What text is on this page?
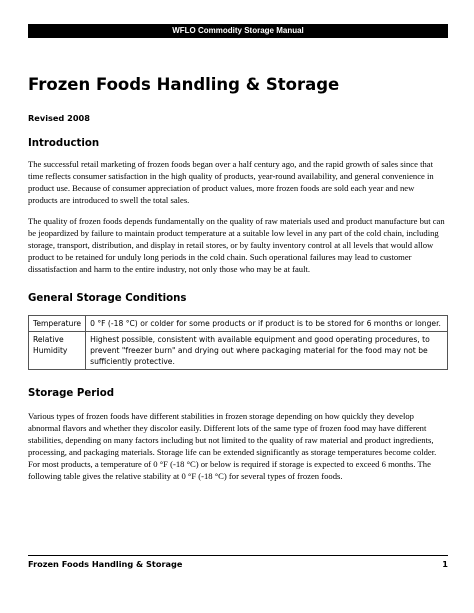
WFLO Commodity Storage Manual
Frozen Foods Handling & Storage
Revised 2008
Introduction
The successful retail marketing of frozen foods began over a half century ago, and the rapid growth of sales since that time reflects consumer satisfaction in the high quality of products, year-round availability, and general convenience in product use. Because of consumer appreciation of product values, more frozen foods are sold each year and new products are introduced to swell the total sales.
The quality of frozen foods depends fundamentally on the quality of raw materials used and product manufacture but can be jeopardized by failure to maintain product temperature at a suitable low level in any part of the cold chain, including storage, transport, distribution, and display in retail stores, or by faulty inventory control at all levels that would allow product to be retained for unduly long periods in the cold chain. Such operational failures may lead to customer dissatisfaction and harm to the entire industry, not only those who may be at fault.
General Storage Conditions
Temperature	0 °F (-18 °C) or colder for some products or if product is to be stored for 6 months or longer.
Relative Humidity	Highest possible, consistent with available equipment and good operating procedures, to prevent "freezer burn" and drying out where packaging material for the food may not be sufficiently protective.
Storage Period
Various types of frozen foods have different stabilities in frozen storage depending on how quickly they develop abnormal flavors and whether they discolor easily. Different lots of the same type of frozen food may have different stabilities, depending on many factors including but not limited to the quality of raw material and product ingredients, processing, and packaging materials. Storage life can be extended significantly as storage temperatures become colder. For most products, a temperature of 0 °F (-18 °C) or below is required if storage is expected to exceed 6 months. The following table gives the relative stability at 0 °F (-18 °C) for several types of frozen foods.
Frozen Foods Handling & Storage	1
